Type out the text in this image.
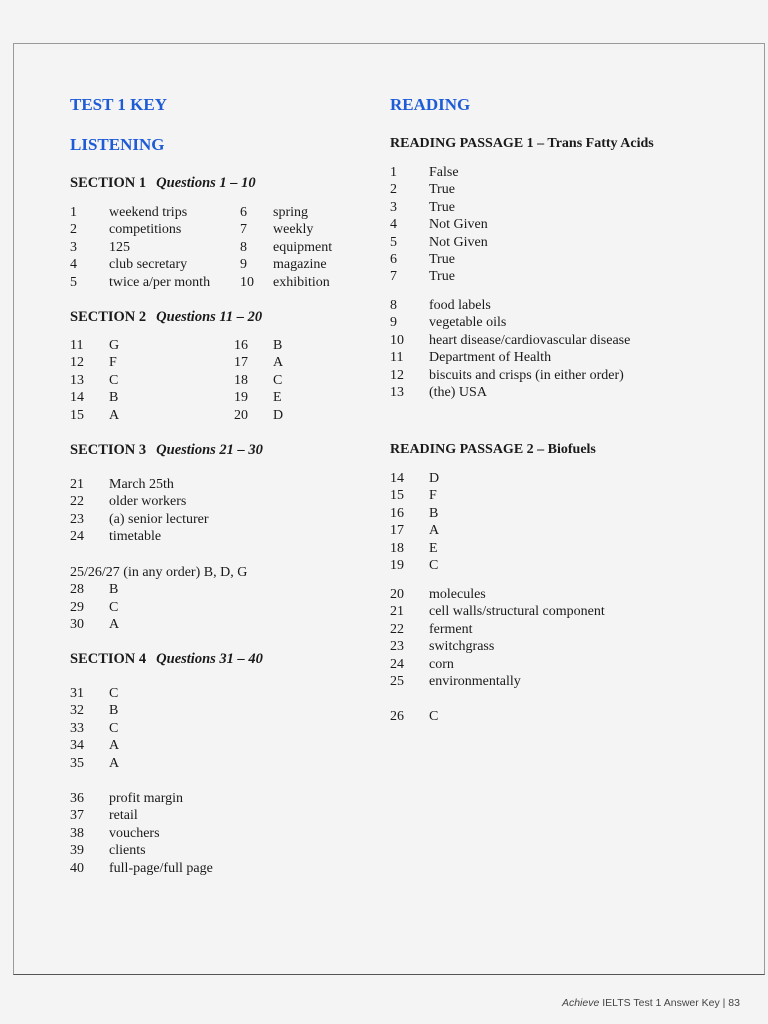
TEST 1 KEY
LISTENING
SECTION 1 Questions 1 – 10
1 weekend trips	6 spring
2 competitions	7 weekly
3 125	8 equipment
4 club secretary	9 magazine
5 twice a/per month 10 exhibition
SECTION 2 Questions 11 – 20
11 G	16 B
12 F	17 A
13 C	18 C
14 B	19 E
15 A	20 D
SECTION 3 Questions 21 – 30
21 March 25th
22 older workers
23 (a) senior lecturer
24 timetable
25/26/27 (in any order) B, D, G
28 B
29 C
30 A
SECTION 4 Questions 31 – 40
31 C
32 B
33 C
34 A
35 A
36 profit margin
37 retail
38 vouchers
39 clients
40 full-page/full page
READING
READING PASSAGE 1 – Trans Fatty Acids
1 False
2 True
3 True
4 Not Given
5 Not Given
6 True
7 True
8 food labels
9 vegetable oils
10 heart disease/cardiovascular disease
11 Department of Health
12 biscuits and crisps (in either order)
13 (the) USA
READING PASSAGE 2 – Biofuels
14 D
15 F
16 B
17 A
18 E
19 C
20 molecules
21 cell walls/structural component
22 ferment
23 switchgrass
24 corn
25 environmentally
26 C
Achieve IELTS Test 1 Answer Key | 83
